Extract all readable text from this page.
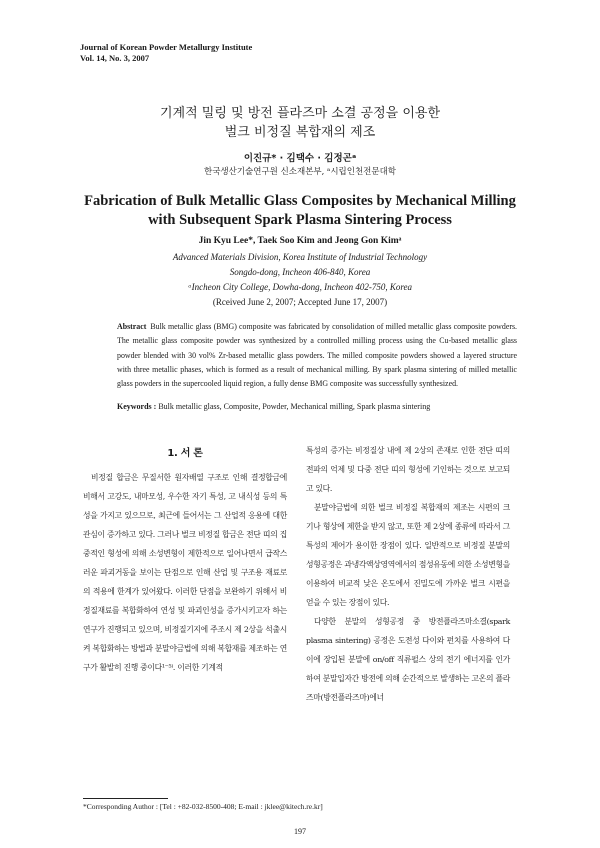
Journal of Korean Powder Metallurgy Institute
Vol. 14, No. 3, 2007
기계적 밀링 및 방전 플라즈마 소결 공정을 이용한
벌크 비정질 복합재의 제조
이진규* · 김택수 · 김정곤ᵃ
한국생산기술연구원 신소재본부, ᵃ시립인천전문대학
Fabrication of Bulk Metallic Glass Composites by Mechanical Milling
with Subsequent Spark Plasma Sintering Process
Jin Kyu Lee*, Taek Soo Kim and Jeong Gon Kimᵃ
Advanced Materials Division, Korea Institute of Industrial Technology
Songdo-dong, Incheon 406-840, Korea
ᵃIncheon City College, Dowha-dong, Incheon 402-750, Korea
(Rceived June 2, 2007; Accepted June 17, 2007)
Abstract Bulk metallic glass (BMG) composite was fabricated by consolidation of milled metallic glass composite powders. The metallic glass composite powder was synthesized by a controlled milling process using the Cu-based metallic glass powder blended with 30 vol% Zr-based metallic glass powders. The milled composite powders showed a layered structure with three metallic phases, which is formed as a result of mechanical milling. By spark plasma sintering of milled metallic glass powders in the supercooled liquid region, a fully dense BMG composite was successfully synthesized.
Keywords : Bulk metallic glass, Composite, Powder, Mechanical milling, Spark plasma sintering
1. 서 론

비정질 합금은 무질서한 원자배열 구조로 인해 결정합금에 비해서 고강도, 내마모성, 우수한 자기 특성, 고 내식성 등의 특성을 가지고 있으므로, 최근에 들어서는 그 산업적 응용에 대한 관심이 증가하고 있다. 그러나 벌크 비정질 합금은 전단 띠의 집중적인 형성에 의해 소성변형이 제한적으로 일어나면서 급작스러운 파괴거동을 보이는 단점으로 인해 산업 및 구조용 재료로의 적용에 한계가 있어왔다. 이러한 단점을 보완하기 위해서 비정질재료를 복합화하여 연성 및 파괴인성을 증가시키고자 하는 연구가 진행되고 있으며, 비정질기지에 주조시 제 2상을 석출시켜 복합화하는 방법과 분말야금법에 의해 복합재를 제조하는 연구가 활발히 진행 중이다¹⁻⁵⁾. 이러한 기계적

특성의 증가는 비정질상 내에 제 2상의 존재로 인한 전단 띠의 전파의 억제 및 다중 전단 띠의 형성에 기인하는 것으로 보고되고 있다.

분말야금법에 의한 벌크 비정질 복합재의 제조는 시편의 크기나 형상에 제한을 받지 않고, 또한 제 2상에 종류에 따라서 그 특성의 제어가 용이한 장점이 있다. 일반적으로 비정질 분말의 성형공정은 과냉각액상영역에서의 점성유동에 의한 소성변형을 이용하여 비교적 낮은 온도에서 진밀도에 가까운 벌크 시편을 얻을 수 있는 장점이 있다.

다양한 분말의 성형공정 중 방전플라즈마소결(spark plasma sintering) 공정은 도전성 다이와 펀치를 사용하여 다이에 장입된 분말에 on/off 직류펄스 상의 전기 에너지를 인가하여 분말입자간 방전에 의해 순간적으로 발생하는 고온의 플라즈마(방전플라즈마)에너

*Corresponding Author : [Tel : +82-032-8500-408; E-mail : jklee@kitech.re.kr]
197
